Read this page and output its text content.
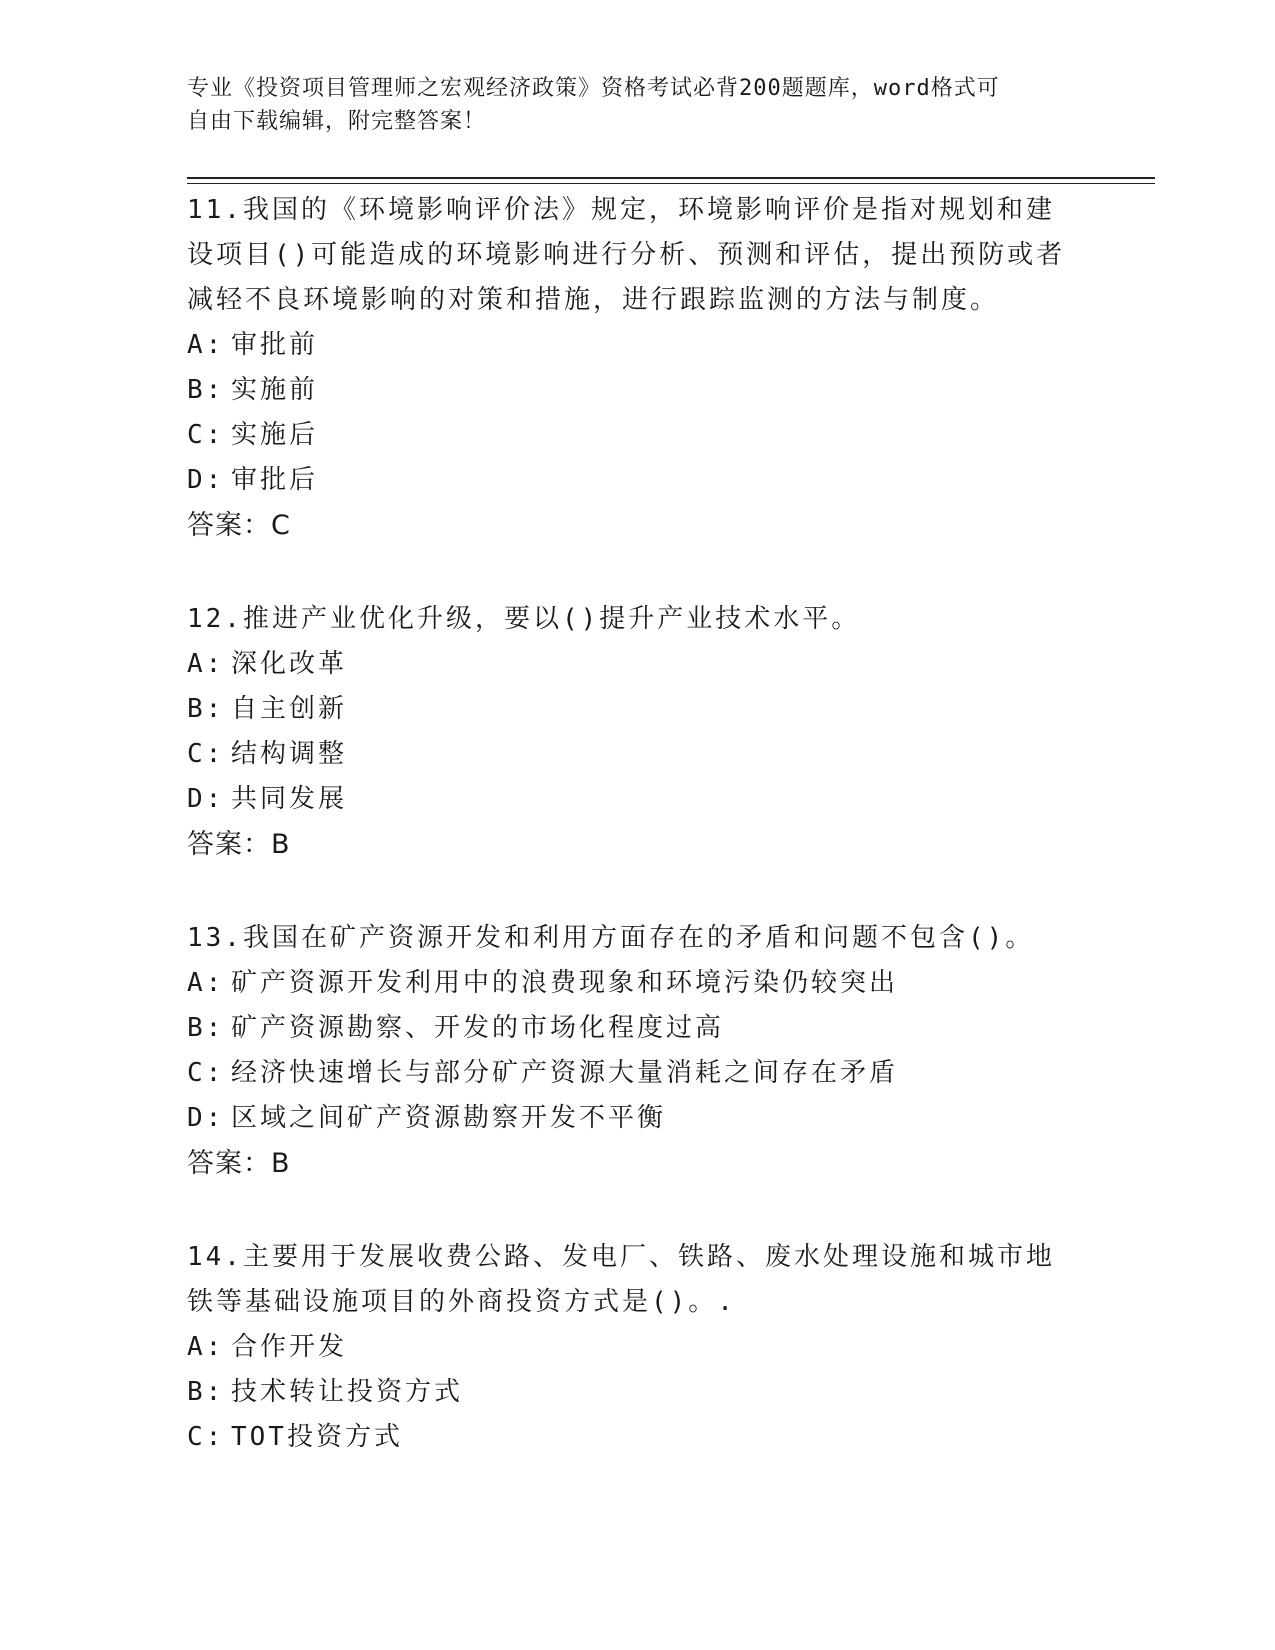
专业《投资项目管理师之宏观经济政策》资格考试必背200题题库，word格式可
自由下载编辑，附完整答案！
11.我国的《环境影响评价法》规定，环境影响评价是指对规划和建设项目()可能造成的环境影响进行分析、预测和评估，提出预防或者减轻不良环境影响的对策和措施，进行跟踪监测的方法与制度。
A: 审批前
B: 实施前
C: 实施后
D: 审批后
答案：C
12.推进产业优化升级，要以()提升产业技术水平。
A: 深化改革
B: 自主创新
C: 结构调整
D: 共同发展
答案：B
13.我国在矿产资源开发和利用方面存在的矛盾和问题不包含()。
A: 矿产资源开发利用中的浪费现象和环境污染仍较突出
B: 矿产资源勘察、开发的市场化程度过高
C: 经济快速增长与部分矿产资源大量消耗之间存在矛盾
D: 区域之间矿产资源勘察开发不平衡
答案：B
14.主要用于发展收费公路、发电厂、铁路、废水处理设施和城市地铁等基础设施项目的外商投资方式是()。.
A: 合作开发
B: 技术转让投资方式
C: TOT投资方式
